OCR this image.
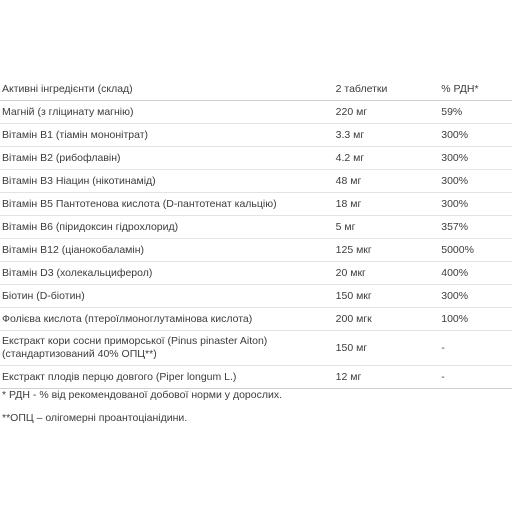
Активні інгредієнти (склад)	2 таблетки	% РДН*
Магній (з гліцинату магнію)	220 мг	59%
Вітамін В1 (тіамін мононітрат)	3.3 мг	300%
Вітамін В2 (рибофлавін)	4.2 мг	300%
Вітамін В3 Ніацин (нікотинамід)	48 мг	300%
Вітамін В5 Пантотенова кислота (D-пантотенат кальцію)	18 мг	300%
Вітамін В6 (піридоксин гідрохлорид)	5 мг	357%
Вітамін В12 (ціанокобаламін)	125 мкг	5000%
Вітамін D3 (холекальциферол)	20 мкг	400%
Біотин (D-біотин)	150 мкг	300%
Фолієва кислота (птероїлмоноглутамінова кислота)	200 мгк	100%

Екстракт кори сосни приморської (Pinus pinaster Aiton)
(стандартизований 40% ОПЦ**)	150 мг	-
Екстракт плодів перцю довгого (Piper longum L.)	12 мг	-
* РДН - % від рекомендованої добової норми у дорослих.
**ОПЦ – олігомерні проантоціанідини.
